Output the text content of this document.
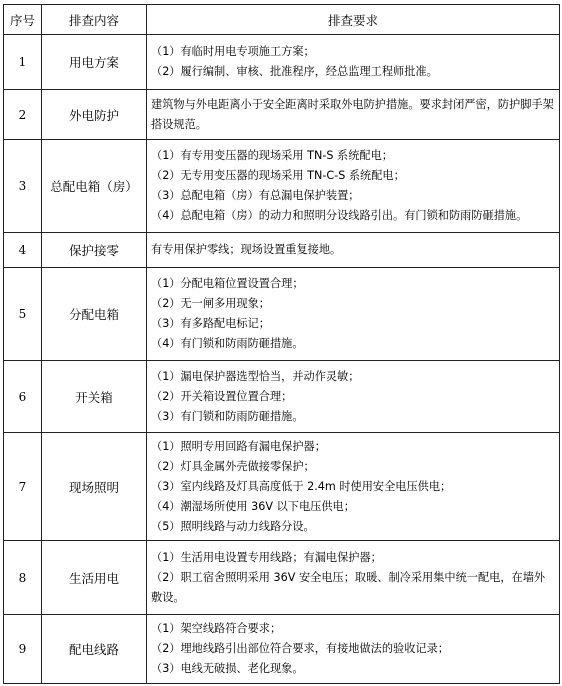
序号	排查内容	排查要求
1	用电方案	（1）有临时用电专项施工方案；
（2）履行编制、审核、批准程序，经总监理工程师批准。

2	外电防护	建筑物与外电距离小于安全距离时采取外电防护措施。要求封闭严密，防护脚手架搭设规范。

3	总配电箱（房）	（1）有专用变压器的现场采用 TN-S 系统配电；
（2）无专用变压器的现场采用 TN-C-S 系统配电；
（3）总配电箱（房）有总漏电保护装置；
（4）总配电箱（房）的动力和照明分设线路引出。有门锁和防雨防砸措施。

4	保护接零	有专用保护零线；现场设置重复接地。

5	分配电箱	（1）分配电箱位置设置合理；
（2）无一闸多用现象；
（3）有多路配电标记；
（4）有门锁和防雨防砸措施。

6	开关箱	（1）漏电保护器选型恰当，并动作灵敏；
（2）开关箱设置位置合理；
（3）有门锁和防雨防砸措施。

7	现场照明	（1）照明专用回路有漏电保护器；
（2）灯具金属外壳做接零保护；
（3）室内线路及灯具高度低于 2.4m 时使用安全电压供电；
（4）潮湿场所使用 36V 以下电压供电；
（5）照明线路与动力线路分设。

8	生活用电	（1）生活用电设置专用线路；有漏电保护器；
（2）职工宿舍照明采用 36V 安全电压；取暖、制冷采用集中统一配电，在墙外敷设。

9	配电线路	（1）架空线路符合要求；
（2）埋地线路引出部位符合要求，有接地做法的验收记录；
（3）电线无破损、老化现象。
